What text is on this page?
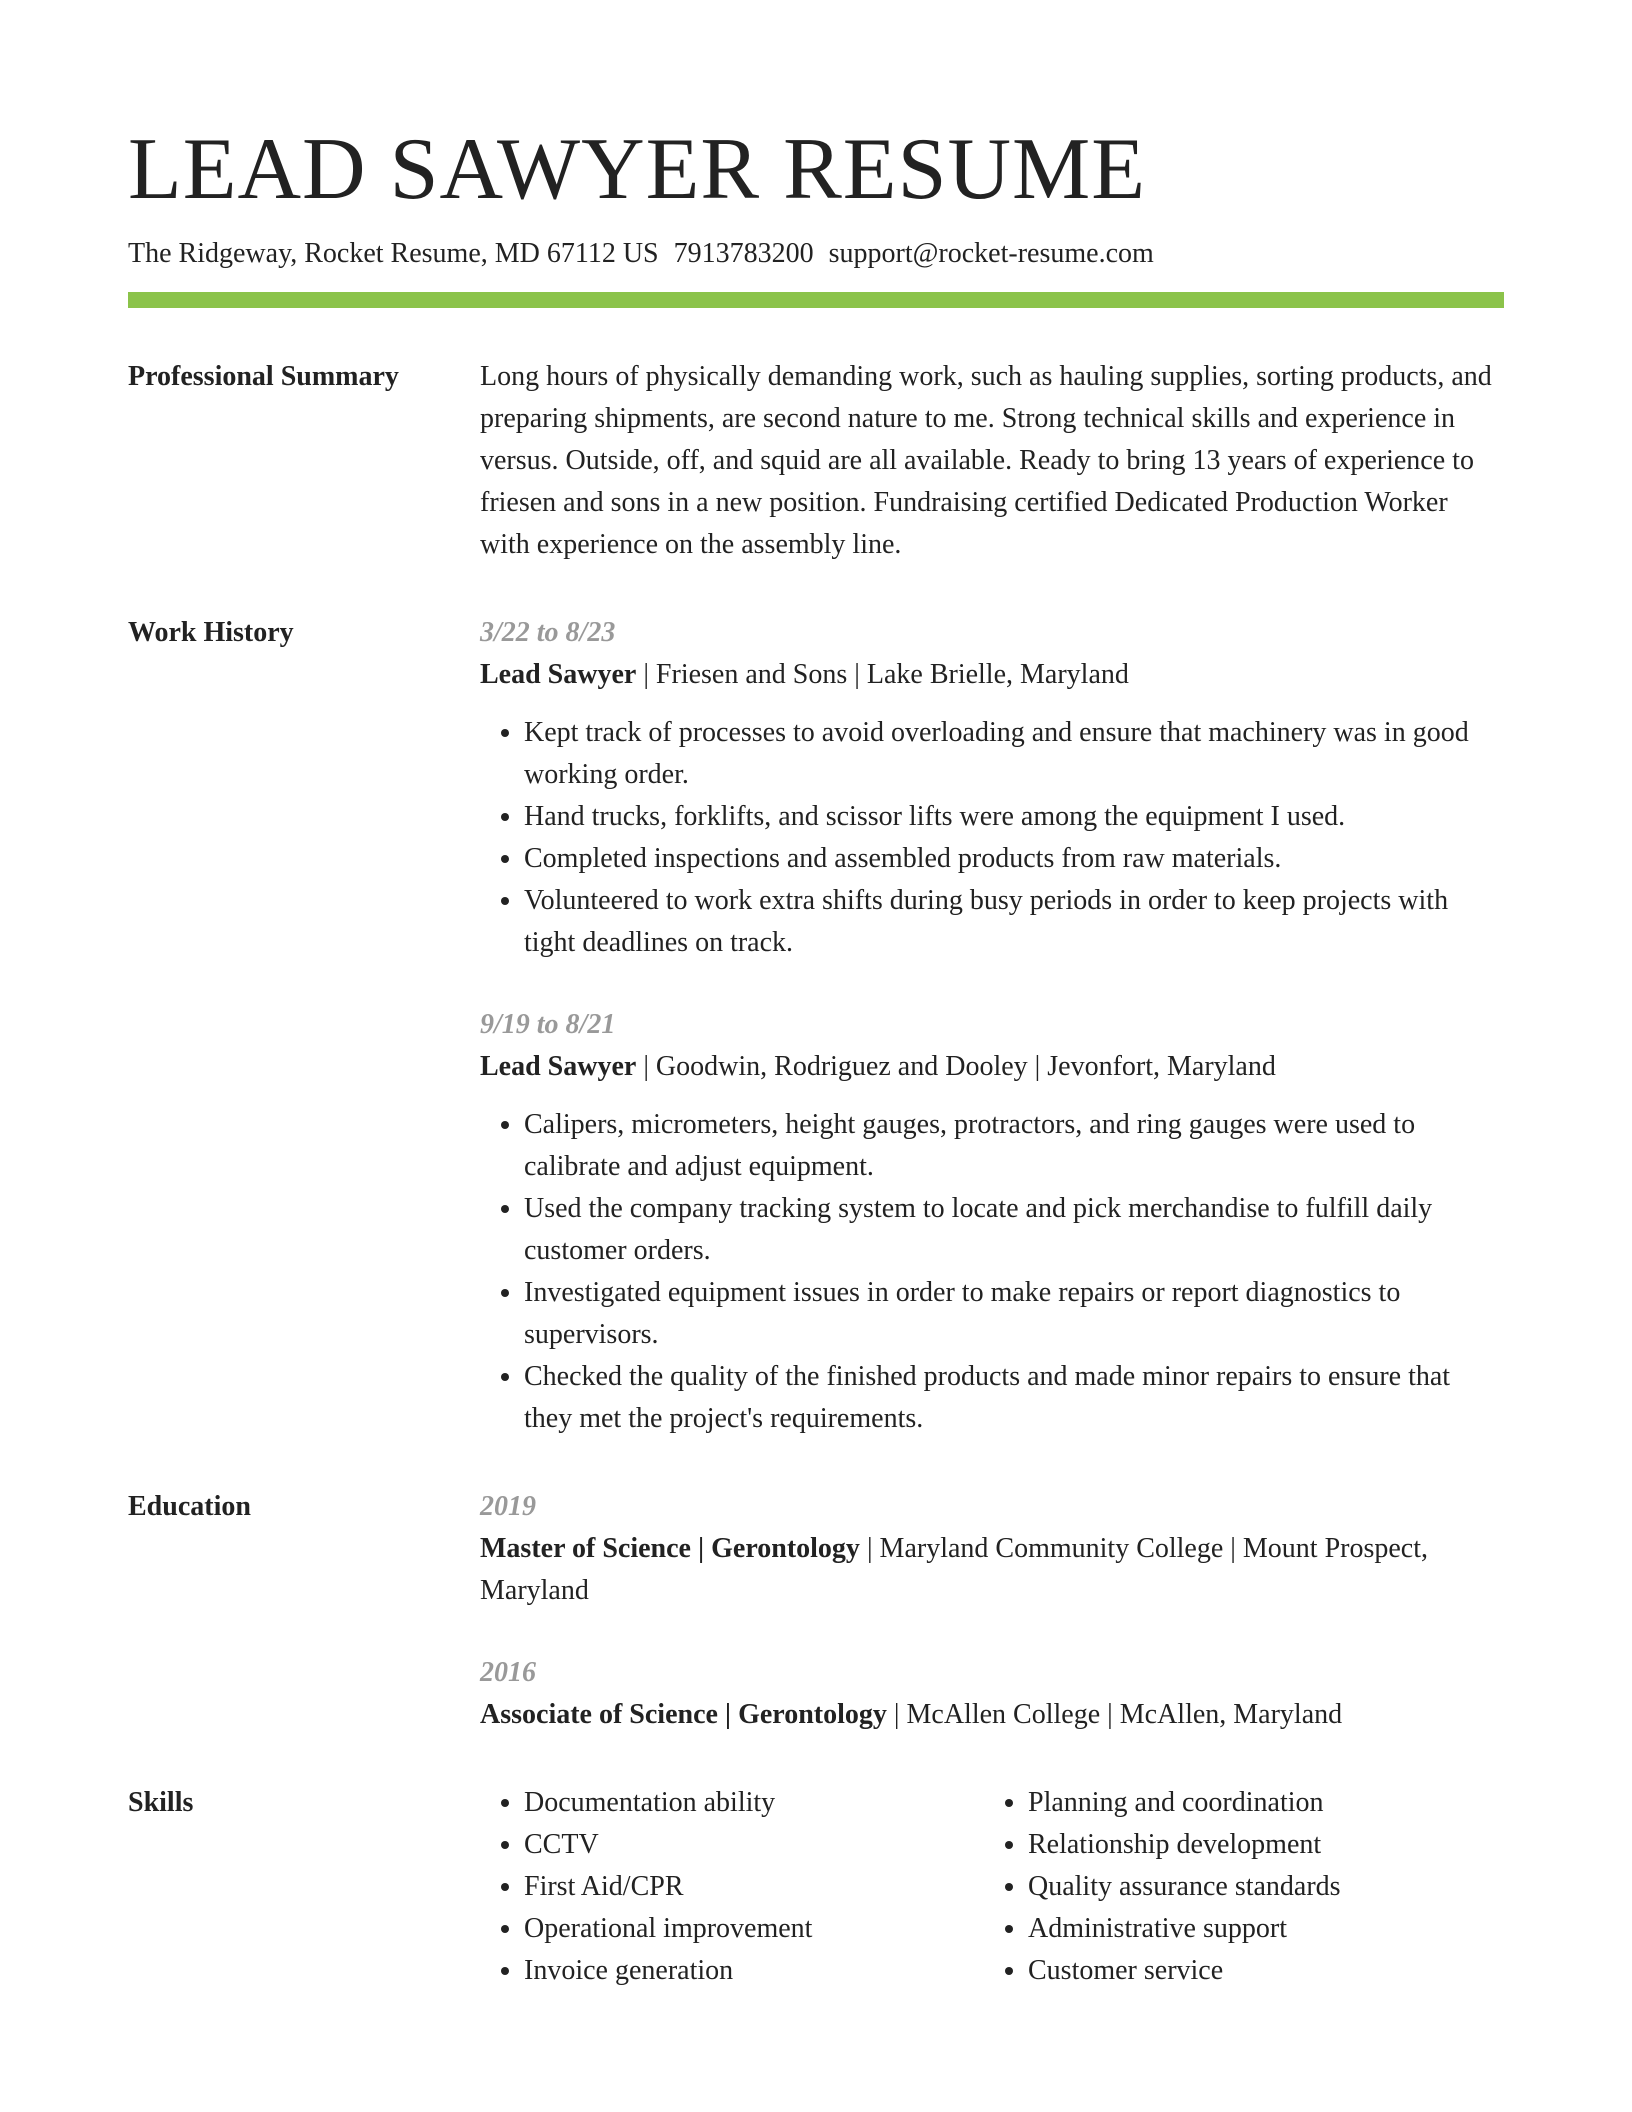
LEAD SAWYER RESUME
The Ridgeway, Rocket Resume, MD 67112 US 7913783200 support@rocket-resume.com
Professional Summary	Long hours of physically demanding work, such as hauling supplies, sorting products, and preparing shipments, are second nature to me. Strong technical skills and experience in versus. Outside, off, and squid are all available. Ready to bring 13 years of experience to friesen and sons in a new position. Fundraising certified Dedicated Production Worker with experience on the assembly line.

Work History	3/22 to 8/23
Lead Sawyer | Friesen and Sons | Lake Brielle, Maryland
• Kept track of processes to avoid overloading and ensure that machinery was in good working order.
• Hand trucks, forklifts, and scissor lifts were among the equipment I used.
• Completed inspections and assembled products from raw materials.
• Volunteered to work extra shifts during busy periods in order to keep projects with tight deadlines on track.
9/19 to 8/21
Lead Sawyer | Goodwin, Rodriguez and Dooley | Jevonfort, Maryland
• Calipers, micrometers, height gauges, protractors, and ring gauges were used to calibrate and adjust equipment.
• Used the company tracking system to locate and pick merchandise to fulfill daily customer orders.
• Investigated equipment issues in order to make repairs or report diagnostics to supervisors.
• Checked the quality of the finished products and made minor repairs to ensure that they met the project's requirements.
Education	2019
Master of Science | Gerontology | Maryland Community College | Mount Prospect, Maryland
2016
Associate of Science | Gerontology | McAllen College | McAllen, Maryland
Skills
•	Documentation ability
• CCTV
• First Aid/CPR
• Operational improvement
• Invoice generation
• Planning and coordination
• Relationship development
• Quality assurance standards
• Administrative support
• Customer service
